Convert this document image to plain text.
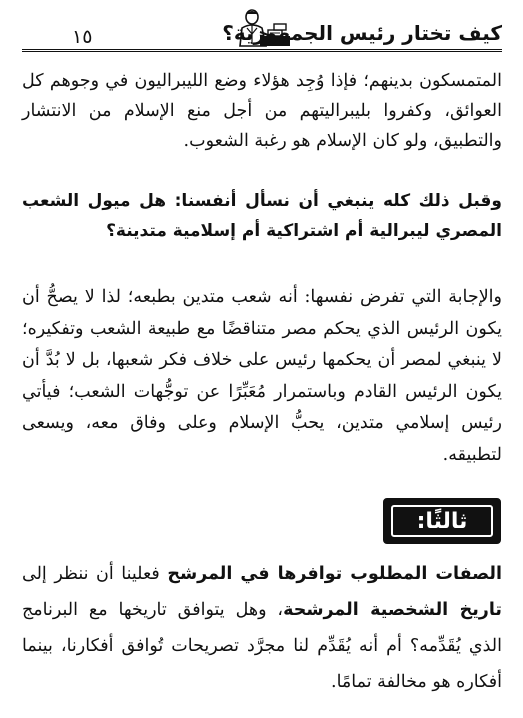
١٥	كيف تختار رئيس الجمهورية؟

المتمسكون بدينهم؛ فإذا وُجِد هؤلاء وضع الليبراليون في وجوهم كل العوائق، وكفروا بليبراليتهم من أجل منع الإسلام من الانتشار والتطبيق، ولو كان الإسلام هو رغبة الشعوب.

وقبل ذلك كله ينبغي أن نسأل أنفسنا: هل ميول الشعب المصري ليبرالية أم اشتراكية أم إسلامية متدينة؟

والإجابة التي تفرض نفسها: أنه شعب متدين بطبعه؛ لذا لا يصحُّ أن يكون الرئيس الذي يحكم مصر متناقضًا مع طبيعة الشعب وتفكيره؛ لا ينبغي لمصر أن يحكمها رئيس على خلاف فكر شعبها، بل لا بُدَّ أن يكون الرئيس القادم وباستمرار مُعَبِّرًا عن توجُّهات الشعب؛ فيأتي رئيس إسلامي متدين، يحبُّ الإسلام وعلى وفاق معه، ويسعى لتطبيقه.

ثالثًا:

الصفات المطلوب توافرها في المرشح فعلينا أن ننظر إلى تاريخ الشخصية المرشحة، وهل يتوافق تاريخها مع البرنامج الذي يُقَدِّمه؟ أم أنه يُقَدِّم لنا مجرَّد تصريحات تُوافق أفكارنا، بينما أفكاره هو مخالفة تمامًا.
